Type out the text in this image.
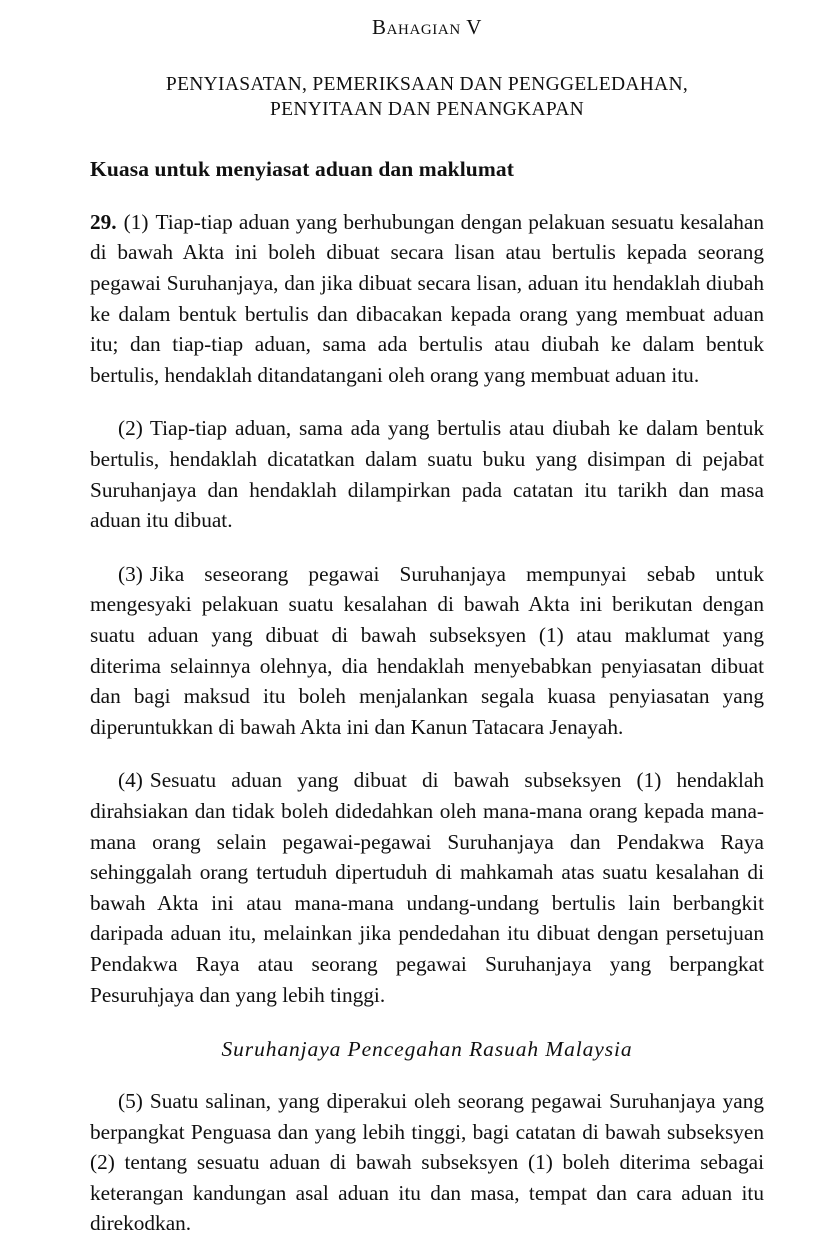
Bahagian V
PENYIASATAN, PEMERIKSAAN DAN PENGGELEDAHAN,
PENYITAAN DAN PENANGKAPAN
Kuasa untuk menyiasat aduan dan maklumat

29. (1) Tiap-tiap aduan yang berhubungan dengan pelakuan sesuatu kesalahan di bawah Akta ini boleh dibuat secara lisan atau bertulis kepada seorang pegawai Suruhanjaya, dan jika dibuat secara lisan, aduan itu hendaklah diubah ke dalam bentuk bertulis dan dibacakan kepada orang yang membuat aduan itu; dan tiap-tiap aduan, sama ada bertulis atau diubah ke dalam bentuk bertulis, hendaklah ditandatangani oleh orang yang membuat aduan itu.

(2) Tiap-tiap aduan, sama ada yang bertulis atau diubah ke dalam bentuk bertulis, hendaklah dicatatkan dalam suatu buku yang disimpan di pejabat Suruhanjaya dan hendaklah dilampirkan pada catatan itu tarikh dan masa aduan itu dibuat.

(3) Jika seseorang pegawai Suruhanjaya mempunyai sebab untuk mengesyaki pelakuan suatu kesalahan di bawah Akta ini berikutan dengan suatu aduan yang dibuat di bawah subseksyen (1) atau maklumat yang diterima selainnya olehnya, dia hendaklah menyebabkan penyiasatan dibuat dan bagi maksud itu boleh menjalankan segala kuasa penyiasatan yang diperuntukkan di bawah Akta ini dan Kanun Tatacara Jenayah.

(4) Sesuatu aduan yang dibuat di bawah subseksyen (1) hendaklah dirahsiakan dan tidak boleh didedahkan oleh mana-mana orang kepada mana-mana orang selain pegawai-pegawai Suruhanjaya dan Pendakwa Raya sehinggalah orang tertuduh dipertuduh di mahkamah atas suatu kesalahan di bawah Akta ini atau mana-mana undang-undang bertulis lain berbangkit daripada aduan itu, melainkan jika pendedahan itu dibuat dengan persetujuan Pendakwa Raya atau seorang pegawai Suruhanjaya yang berpangkat Pesuruhjaya dan yang lebih tinggi.

Suruhanjaya Pencegahan Rasuah Malaysia

(5) Suatu salinan, yang diperakui oleh seorang pegawai Suruhanjaya yang berpangkat Penguasa dan yang lebih tinggi, bagi catatan di bawah subseksyen (2) tentang sesuatu aduan di bawah subseksyen (1) boleh diterima sebagai keterangan kandungan asal aduan itu dan masa, tempat dan cara aduan itu direkodkan.
